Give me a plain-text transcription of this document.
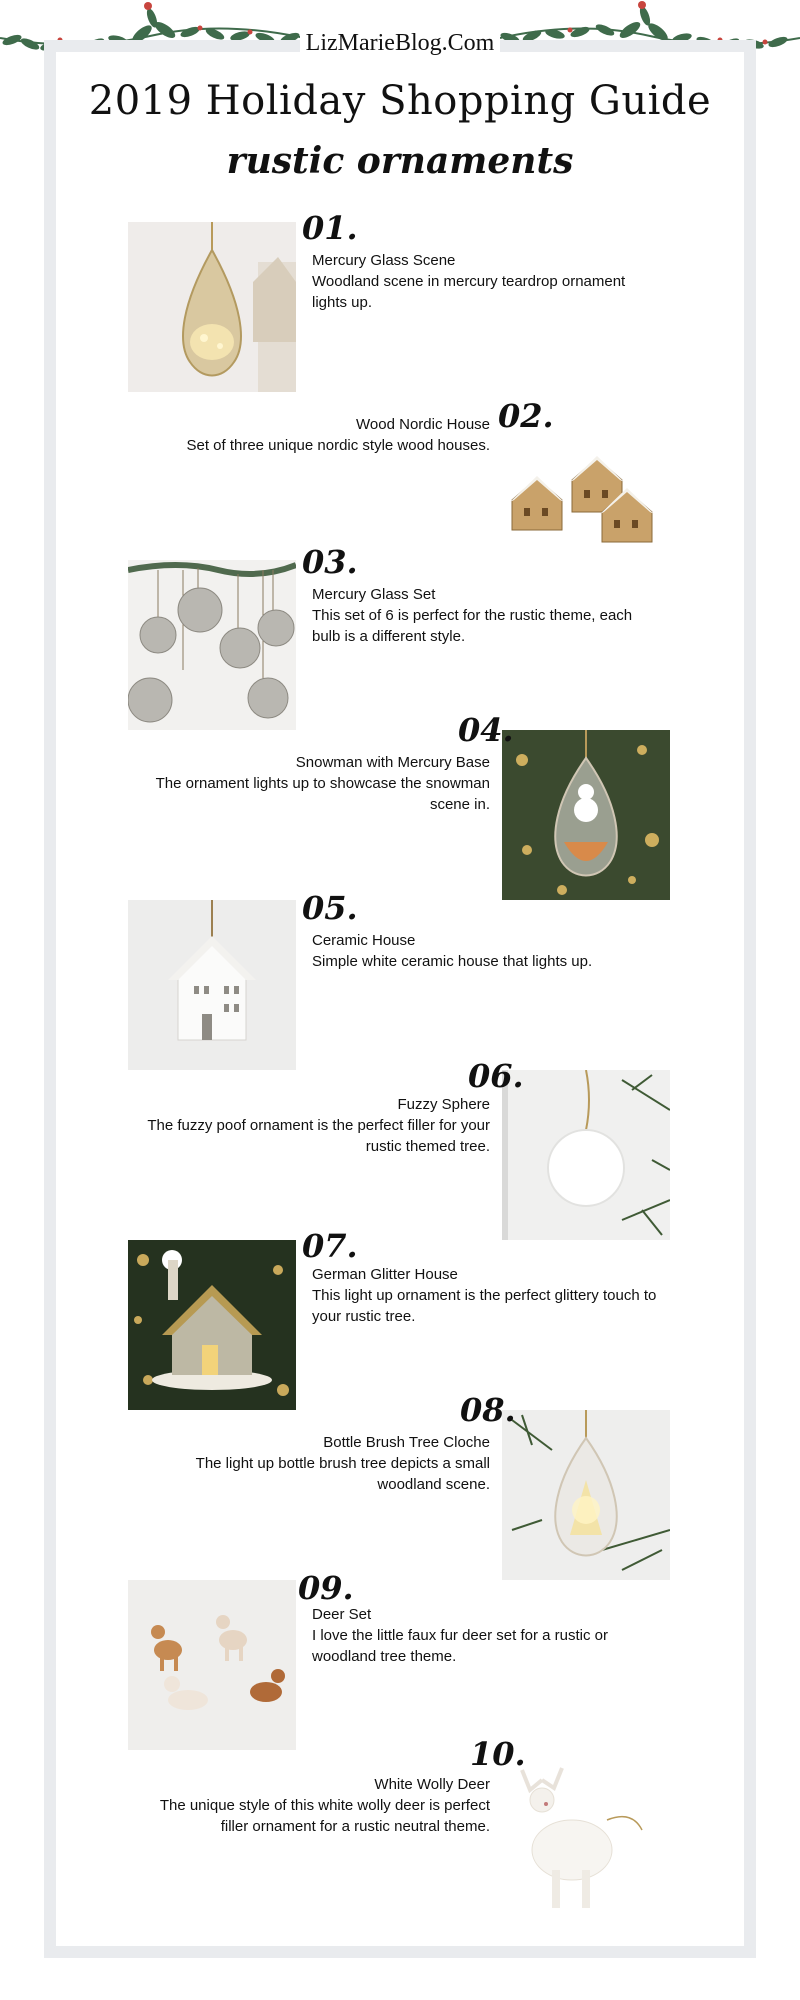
LizMarieBlog.Com
2019 Holiday Shopping Guide
rustic ornaments
01.
Mercury Glass Scene
Woodland scene in mercury teardrop ornament lights up.
02.
Wood Nordic House
Set of three unique nordic style wood houses.
03.
Mercury Glass Set
This set of 6 is perfect for the rustic theme, each bulb is a different style.
04.
Snowman with Mercury Base
The ornament lights up to showcase the snowman scene in.
05.
Ceramic House
Simple white ceramic house that lights up.
06.
Fuzzy Sphere
The fuzzy poof ornament is the perfect filler for your rustic themed tree.
07.
German Glitter House
This light up ornament is the perfect glittery touch to your rustic tree.
08.
Bottle Brush Tree Cloche
The light up bottle brush tree depicts a small woodland scene.
09.
Deer Set
I love the little faux fur deer set for a rustic or woodland tree theme.
10.
White Wolly Deer
The unique style of this white wolly deer is perfect filler ornament for a rustic neutral theme.
